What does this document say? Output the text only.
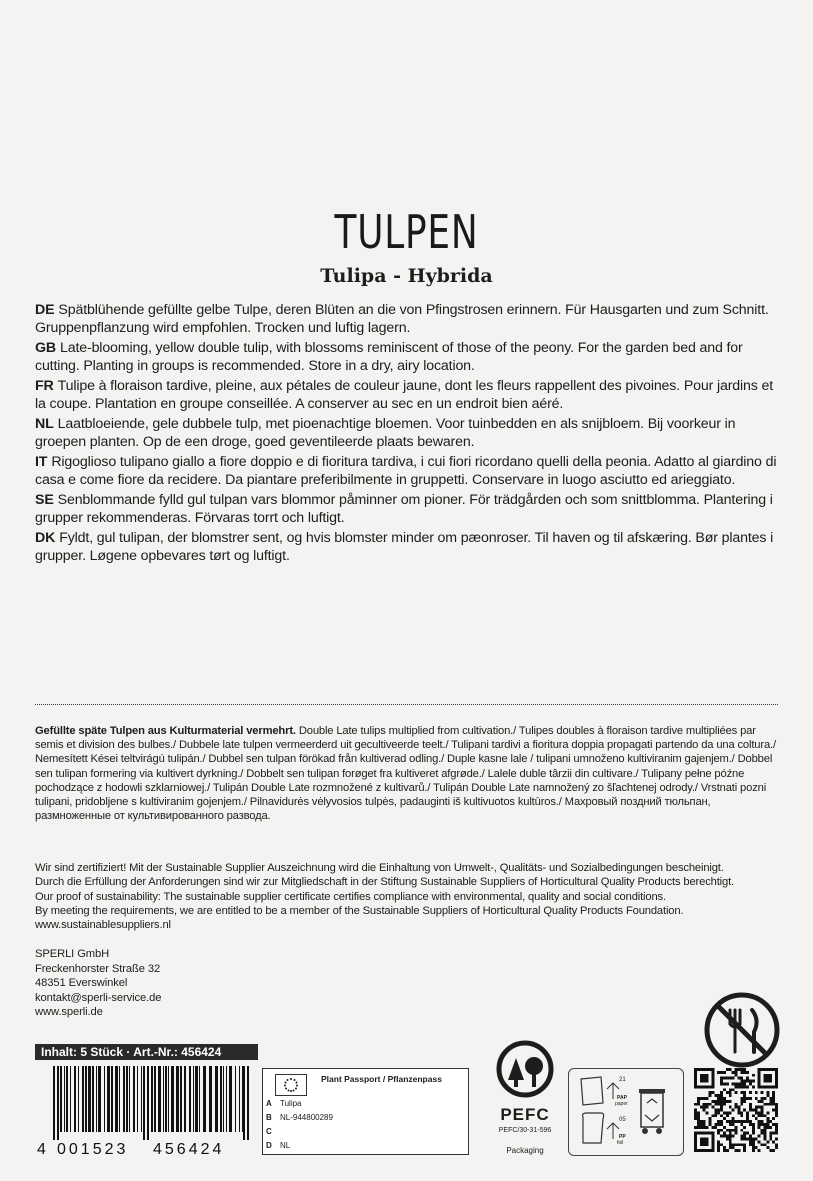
TULPEN
Tulipa - Hybrida
DE Spätblühende gefüllte gelbe Tulpe, deren Blüten an die von Pfingstrosen erinnern. Für Hausgarten und zum Schnitt. Gruppenpflanzung wird empfohlen. Trocken und luftig lagern.
GB Late-blooming, yellow double tulip, with blossoms reminiscent of those of the peony. For the garden bed and for cutting. Planting in groups is recommended. Store in a dry, airy location.
FR Tulipe à floraison tardive, pleine, aux pétales de couleur jaune, dont les fleurs rappellent des pivoines. Pour jardins et la coupe. Plantation en groupe conseillée. A conserver au sec en un endroit bien aéré.
NL Laatbloeiende, gele dubbele tulp, met pioenachtige bloemen. Voor tuinbedden en als snijbloem. Bij voorkeur in groepen planten. Op de een droge, goed geventileerde plaats bewaren.
IT Rigoglioso tulipano giallo a fiore doppio e di fioritura tardiva, i cui fiori ricordano quelli della peonia. Adatto al giardino di casa e come fiore da recidere. Da piantare preferibilmente in gruppetti. Conservare in luogo asciutto ed arieggiato.
SE Senblommande fylld gul tulpan vars blommor påminner om pioner. För trädgården och som snittblomma. Plantering i grupper rekommenderas. Förvaras torrt och luftigt.
DK Fyldt, gul tulipan, der blomstrer sent, og hvis blomster minder om pæonroser. Til haven og til afskæring. Bør plantes i grupper. Løgene opbevares tørt og luftigt.
Gefüllte späte Tulpen aus Kulturmaterial vermehrt. Double Late tulips multiplied from cultivation./ Tulipes doubles à floraison tardive multipliées par semis et division des bulbes./ Dubbele late tulpen vermeerderd uit gecultiveerde teelt./ Tulipani tardivi a fioritura doppia propagati partendo da una coltura./ Nemesített Kései teltvirágú tulipán./ Dubbel sen tulpan förökad från kultiverad odling./ Duple kasne lale / tulipani umnoženo kultiviranim gajenjem./ Dobbel sen tulipan formering via kultivert dyrkning./ Dobbelt sen tulipan forøget fra kultiveret afgrøde./ Lalele duble târzii din cultivare./ Tulipany pełne późne pochodzące z hodowli szklarniowej./ Tulipán Double Late rozmnožené z kultivarů./ Tulipán Double Late namnožený zo šľachtenej odrody./ Vrstnati pozni tulipani, pridobljene s kultiviranim gojenjem./ Pilnavidurės vėlyvosios tulpės, padauginti iš kultivuotos kultūros./ Махровый поздний тюльпан, размноженные от культивированного развода.
Wir sind zertifiziert! Mit der Sustainable Supplier Auszeichnung wird die Einhaltung von Umwelt-, Qualitäts- und Sozialbedingungen bescheinigt.
Durch die Erfüllung der Anforderungen sind wir zur Mitgliedschaft in der Stiftung Sustainable Suppliers of Horticultural Quality Products berechtigt.
Our proof of sustainability: The sustainable supplier certificate certifies compliance with environmental, quality and social conditions.
By meeting the requirements, we are entitled to be a member of the Sustainable Suppliers of Horticultural Quality Products Foundation.
www.sustainablesuppliers.nl
SPERLI GmbH
Freckenhorster Straße 32
48351 Everswinkel
kontakt@sperli-service.de
www.sperli.de
Inhalt: 5 Stück · Art.-Nr.: 456424
4 001523 456424
Plant Passport / Pflanzenpass
A Tulipa
B NL-944800289
C
D NL
PEFC
PEFC/30-31-596
Packaging
21
PAP
paper
05
PP
foil
